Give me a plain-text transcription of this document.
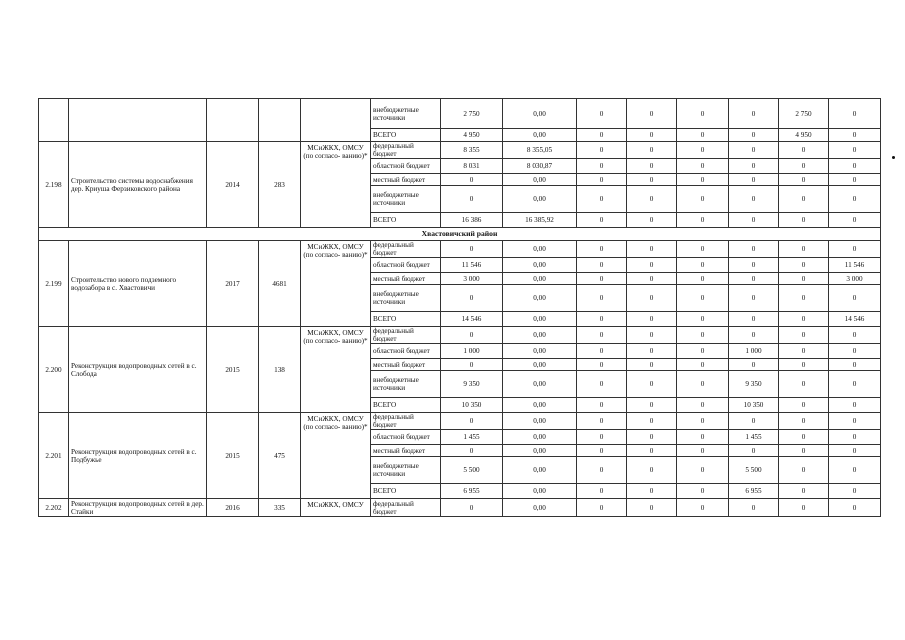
					внебюджетные источники	2 750	0,00	0	0	0	0	2 750	0
					ВСЕГО	4 950	0,00	0	0	0	0	4 950	0
2.198	Строительство системы водоснабжения дер. Криуша Ферзиковского района	2014	283	МСиЖКХ, ОМСУ (по согласо- ванию)*	федеральный бюджет	8 355	8 355,05	0	0	0	0	0	0
					областной бюджет	8 031	8 030,87	0	0	0	0	0	0
					местный бюджет	0	0,00	0	0	0	0	0	0
					внебюджетные источники	0	0,00	0	0	0	0	0	0
					ВСЕГО	16 386	16 385,92	0	0	0	0	0	0
Хвастовичский район													
2.199	Строительство нового подземного водозабора в с. Хвастовичи	2017	4681	МСиЖКХ, ОМСУ (по согласо- ванию)*	федеральный бюджет	0	0,00	0	0	0	0	0	0
					областной бюджет	11 546	0,00	0	0	0	0	0	11 546
					местный бюджет	3 000	0,00	0	0	0	0	0	3 000
					внебюджетные источники	0	0,00	0	0	0	0	0	0
					ВСЕГО	14 546	0,00	0	0	0	0	0	14 546
2.200	Реконструкция водопроводных сетей в с. Слобода	2015	138	МСиЖКХ, ОМСУ (по согласо- ванию)*	федеральный бюджет	0	0,00	0	0	0	0	0	0
					областной бюджет	1 000	0,00	0	0	0	1 000	0	0
					местный бюджет	0	0,00	0	0	0	0	0	0
					внебюджетные источники	9 350	0,00	0	0	0	9 350	0	0
					ВСЕГО	10 350	0,00	0	0	0	10 350	0	0
2.201	Реконструкция водопроводных сетей в с. Подбужье	2015	475	МСиЖКХ, ОМСУ (по согласо- ванию)*	федеральный бюджет	0	0,00	0	0	0	0	0	0
					областной бюджет	1 455	0,00	0	0	0	1 455	0	0
					местный бюджет	0	0,00	0	0	0	0	0	0
					внебюджетные источники	5 500	0,00	0	0	0	5 500	0	0
					ВСЕГО	6 955	0,00	0	0	0	6 955	0	0
2.202	Реконструкция водопроводных сетей в дер. Стайки	2016	335	МСиЖКХ, ОМСУ	федеральный бюджет	0	0,00	0	0	0	0	0	0
